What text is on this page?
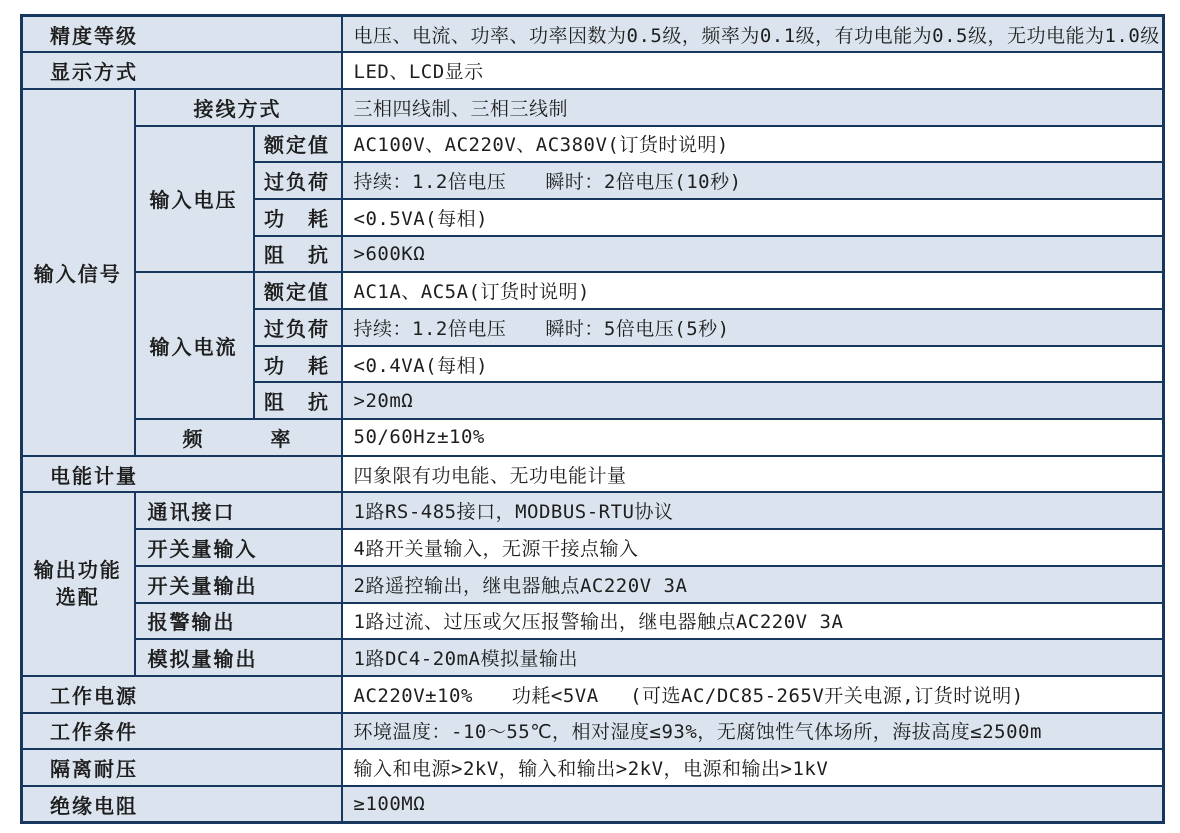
精度等级			电压、电流、功率、功率因数为0.5级，频率为0.1级，有功电能为0.5级，无功电能为1.0级
显示方式			LED、LCD显示
输入信号	接线方式		三相四线制、三相三线制
	输入电压	额定值	AC100V、AC220V、AC380V(订货时说明)
		过负荷	持续：1.2倍电压　　瞬时：2倍电压(10秒)
		功　耗	<0.5VA(每相)
		阻　抗	>600KΩ
	输入电流	额定值	AC1A、AC5A(订货时说明)
		过负荷	持续：1.2倍电压　　瞬时：5倍电压(5秒)
		功　耗	<0.4VA(每相)
		阻　抗	>20mΩ
	频　　　率		50/60Hz±10%
电能计量			四象限有功电能、无功电能计量

输出功能
选配	通讯接口		1路RS-485接口，MODBUS-RTU协议
	开关量输入		4路开关量输入，无源干接点输入
	开关量输出		2路遥控输出，继电器触点AC220V 3A
	报警输出		1路过流、过压或欠压报警输出，继电器触点AC220V 3A
	模拟量输出		1路DC4-20mA模拟量输出
工作电源			AC220V±10%　　功耗<5VA　 (可选AC/DC85-265V开关电源,订货时说明)
工作条件			环境温度：-10～55℃，相对湿度≤93%，无腐蚀性气体场所，海拔高度≤2500m
隔离耐压			输入和电源>2kV，输入和输出>2kV，电源和输出>1kV
绝缘电阻			≥100MΩ
